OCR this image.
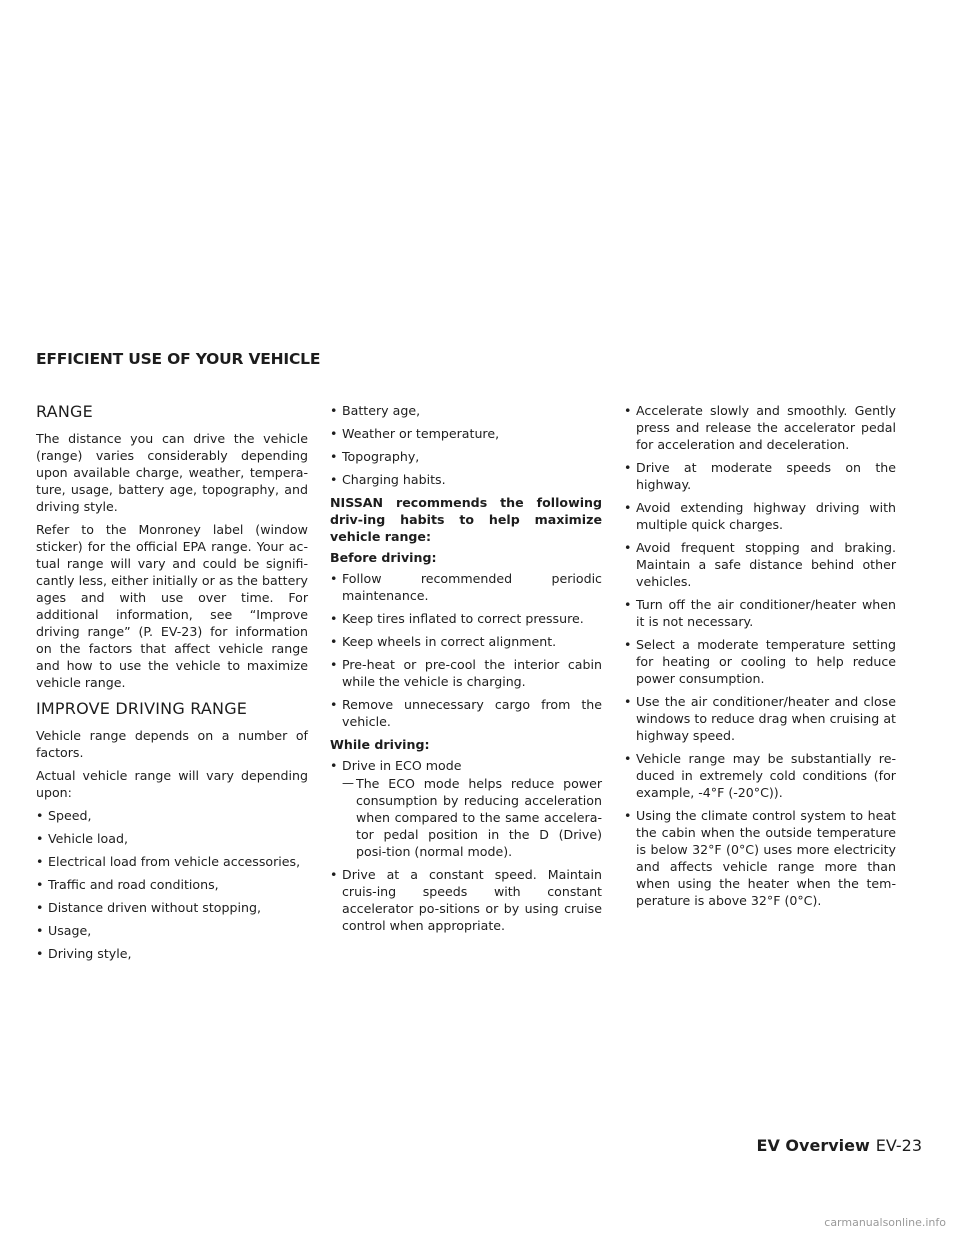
EFFICIENT USE OF YOUR VEHICLE
RANGE

The distance you can drive the vehicle (range) varies considerably depending upon available charge, weather, tempera-ture, usage, battery age, topography, and driving style.

Refer to the Monroney label (window sticker) for the official EPA range. Your ac-tual range will vary and could be signifi-cantly less, either initially or as the battery ages and with use over time. For additional information, see “Improve driving range” (P. EV-23) for information on the factors that affect vehicle range and how to use the vehicle to maximize vehicle range.

IMPROVE DRIVING RANGE

Vehicle range depends on a number of factors.

Actual vehicle range will vary depending upon:

• Speed,
• Vehicle load,
• Electrical load from vehicle accessories,
• Traffic and road conditions,
• Distance driven without stopping,
• Usage,
• Driving style,
• Battery age,
• Weather or temperature,
• Topography,
• Charging habits.

NISSAN recommends the following driv-ing habits to help maximize vehicle range:

Before driving:

• Follow recommended periodic maintenance.
• Keep tires inflated to correct pressure.
• Keep wheels in correct alignment.
• Pre-heat or pre-cool the interior cabin while the vehicle is charging.
• Remove unnecessary cargo from the vehicle.

While driving:

• Drive in ECO mode
— The ECO mode helps reduce power consumption by reducing acceleration when compared to the same accelera-tor pedal position in the D (Drive) posi-tion (normal mode).
• Drive at a constant speed. Maintain cruis-ing speeds with constant accelerator po-sitions or by using cruise control when appropriate.
• Accelerate slowly and smoothly. Gently press and release the accelerator pedal for acceleration and deceleration.
• Drive at moderate speeds on the highway.
• Avoid extending highway driving with multiple quick charges.
• Avoid frequent stopping and braking. Maintain a safe distance behind other vehicles.
• Turn off the air conditioner/heater when it is not necessary.
• Select a moderate temperature setting for heating or cooling to help reduce power consumption.
• Use the air conditioner/heater and close windows to reduce drag when cruising at highway speed.
• Vehicle range may be substantially re-duced in extremely cold conditions (for example, -4°F (-20°C)).
• Using the climate control system to heat the cabin when the outside temperature is below 32°F (0°C) uses more electricity and affects vehicle range more than when using the heater when the tem-perature is above 32°F (0°C).
EV Overview EV-23
carmanualsonline.info
